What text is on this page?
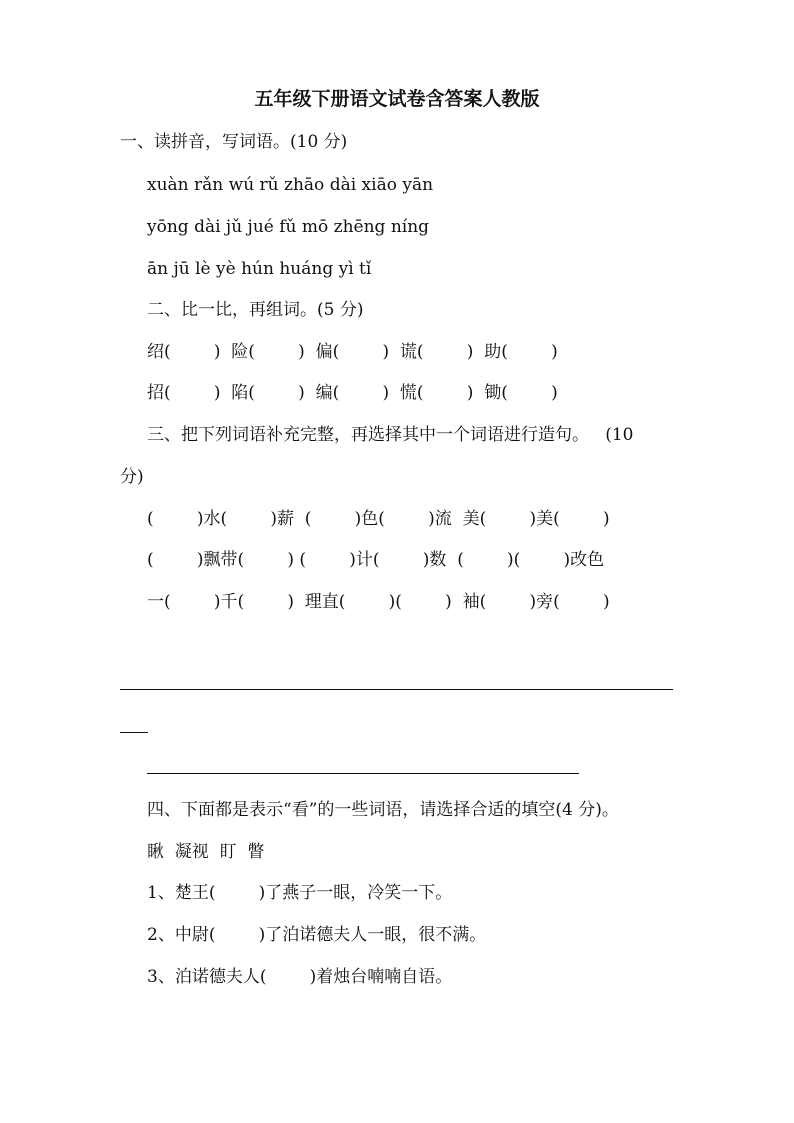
五年级下册语文试卷含答案人教版
一、读拼音，写词语。(10 分)
xuàn rǎn wú rǔ zhāo dài xiāo yān
yōng dài jǔ jué fǔ mō zhēng níng
ān jū lè yè hún huáng yì tǐ
二、比一比，再组词。(5 分)
绍(        )  险(        )  偏(        )  谎(        )  助(        )
招(        )  陷(        )  编(        )  慌(        )  锄(        )
三、把下列词语补充完整，再选择其中一个词语进行造句。   (10
分)
(        )水(        )薪  (        )色(        )流  美(        )美(        )
(        )飘带(        ) (        )计(        )数  (        )(        )改色
一(        )千(        )  理直(        )(        )  袖(        )旁(        )
四、下面都是表示“看”的一些词语，请选择合适的填空(4 分)。
瞅  凝视  盯  瞥
1、楚王(        )了燕子一眼，冷笑一下。
2、中尉(        )了泊诺德夫人一眼，很不满。
3、泊诺德夫人(        )着烛台喃喃自语。
